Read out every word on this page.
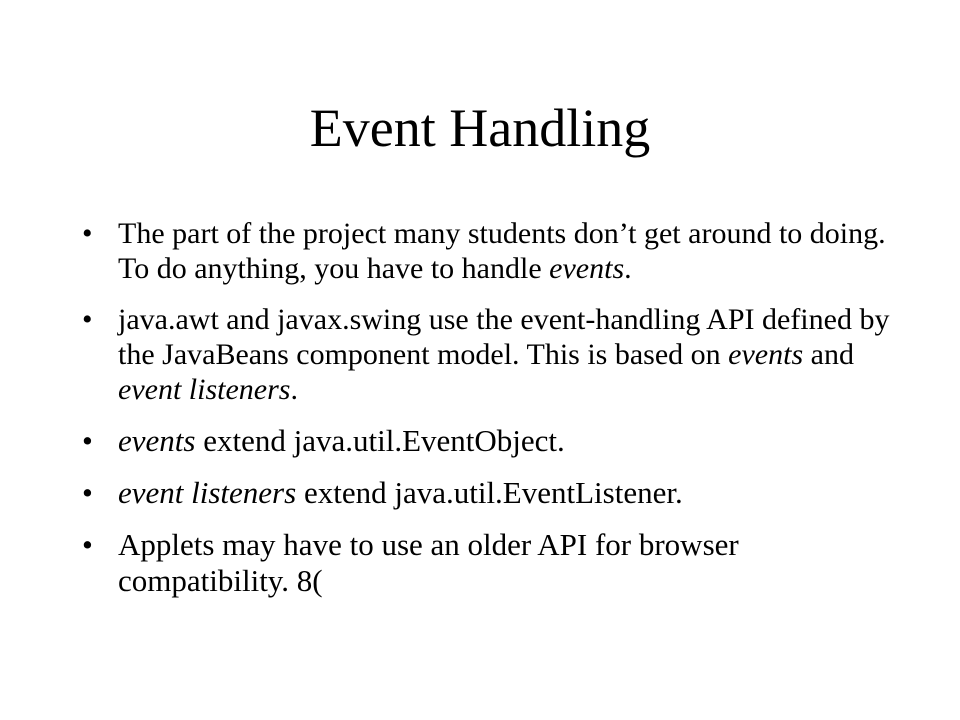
Event Handling
• The part of the project many students don’t get around to doing. To do anything, you have to handle events.
• java.awt and javax.swing use the event-handling API defined by the JavaBeans component model. This is based on events and event listeners.
• events extend java.util.EventObject.
• event listeners extend java.util.EventListener.
• Applets may have to use an older API for browser compatibility. 8(
